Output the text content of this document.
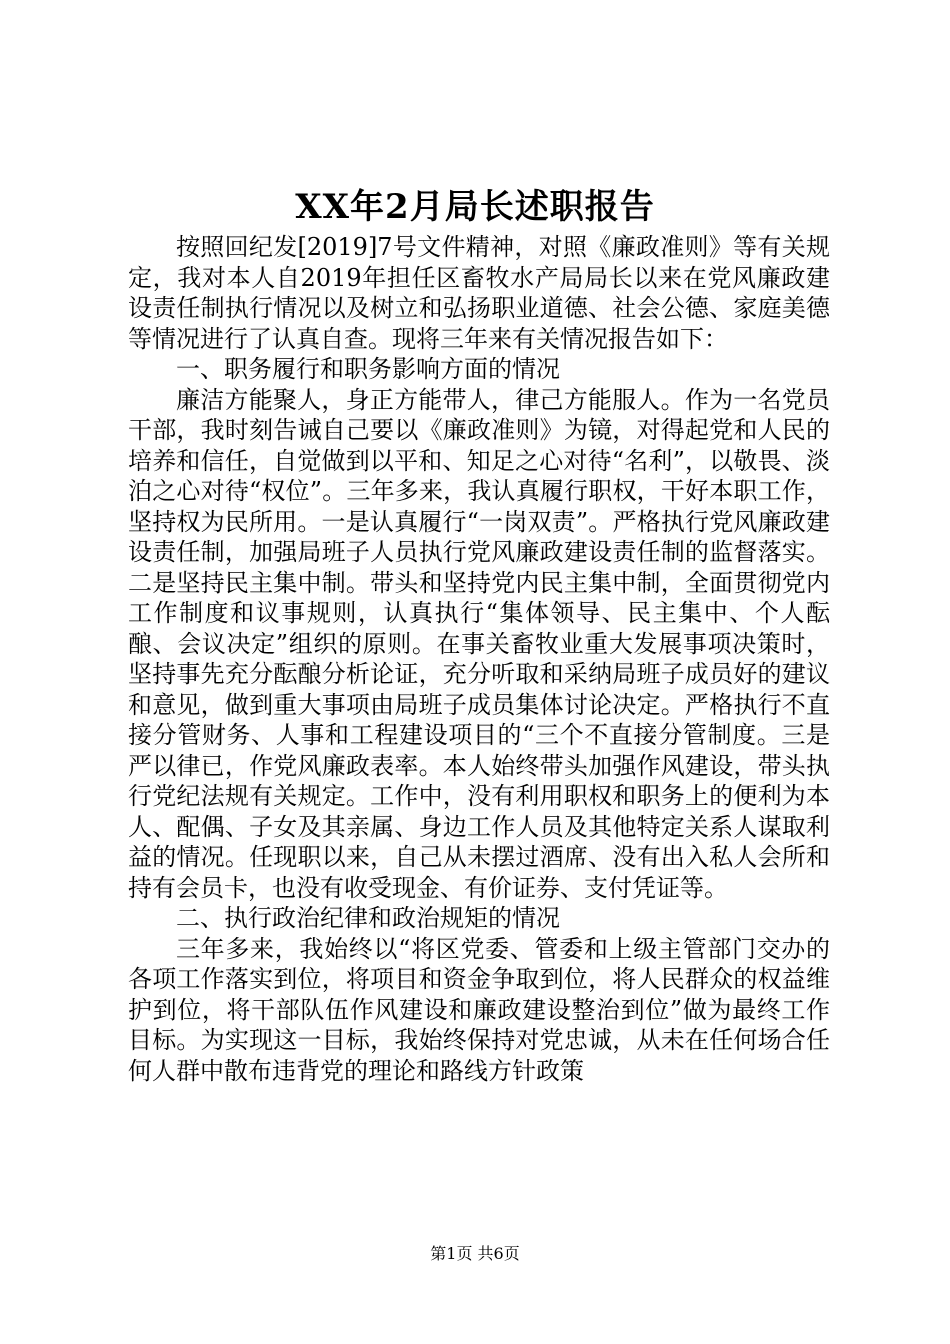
XX年2月局长述职报告

按照回纪发[2019]7号文件精神，对照《廉政准则》等有关规定，我对本人自2019年担任区畜牧水产局局长以来在党风廉政建设责任制执行情况以及树立和弘扬职业道德、社会公德、家庭美德等情况进行了认真自查。现将三年来有关情况报告如下：

一、职务履行和职务影响方面的情况

廉洁方能聚人，身正方能带人，律己方能服人。作为一名党员干部，我时刻告诫自己要以《廉政准则》为镜，对得起党和人民的培养和信任，自觉做到以平和、知足之心对待“名利”，以敬畏、淡泊之心对待“权位”。三年多来，我认真履行职权，干好本职工作，坚持权为民所用。一是认真履行“一岗双责”。严格执行党风廉政建设责任制，加强局班子人员执行党风廉政建设责任制的监督落实。二是坚持民主集中制。带头和坚持党内民主集中制，全面贯彻党内工作制度和议事规则，认真执行“集体领导、民主集中、个人酝酿、会议决定”组织的原则。在事关畜牧业重大发展事项决策时，坚持事先充分酝酿分析论证，充分听取和采纳局班子成员好的建议和意见，做到重大事项由局班子成员集体讨论决定。严格执行不直接分管财务、人事和工程建设项目的“三个不直接分管制度。三是严以律已，作党风廉政表率。本人始终带头加强作风建设，带头执行党纪法规有关规定。工作中，没有利用职权和职务上的便利为本人、配偶、子女及其亲属、身边工作人员及其他特定关系人谋取利益的情况。任现职以来，自己从未摆过酒席、没有出入私人会所和持有会员卡，也没有收受现金、有价证券、支付凭证等。

二、执行政治纪律和政治规矩的情况

三年多来，我始终以“将区党委、管委和上级主管部门交办的各项工作落实到位，将项目和资金争取到位，将人民群众的权益维护到位，将干部队伍作风建设和廉政建设整治到位”做为最终工作目标。为实现这一目标，我始终保持对党忠诚，从未在任何场合任何人群中散布违背党的理论和路线方针政策

第1页 共6页
